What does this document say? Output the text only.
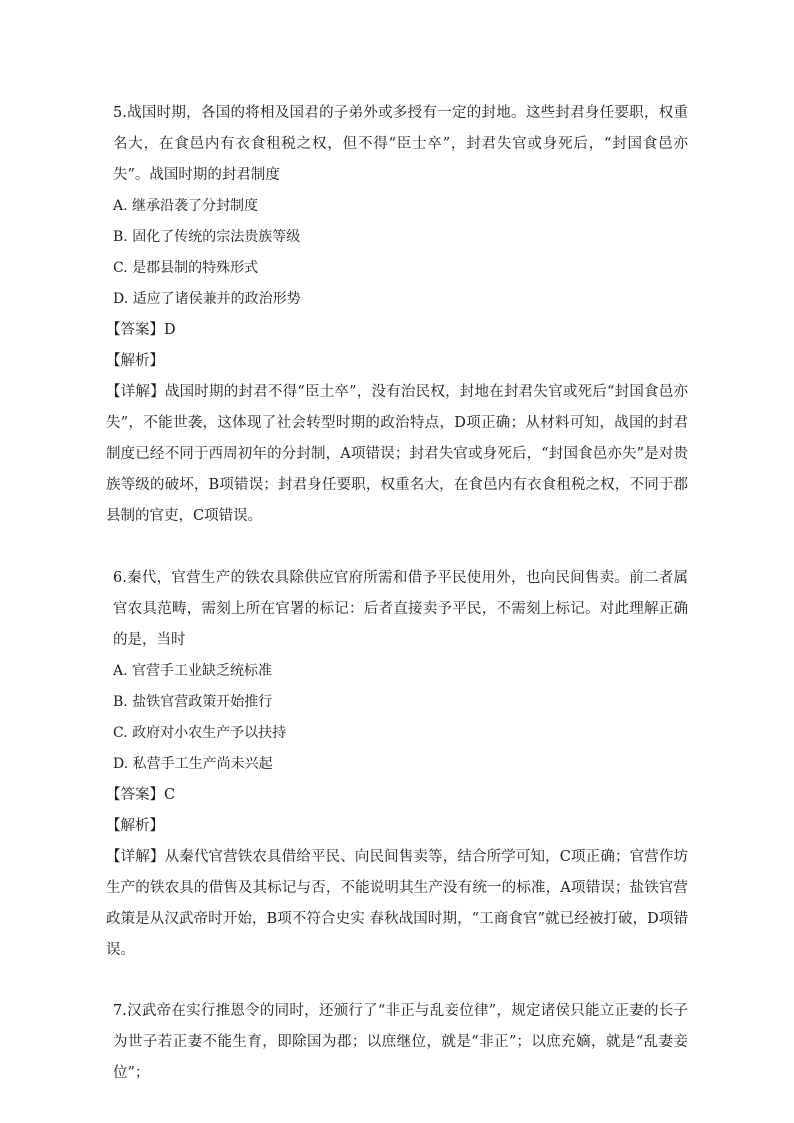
5.战国时期，各国的将相及国君的子弟外或多授有一定的封地。这些封君身任要职，权重名大，在食邑内有衣食租税之权，但不得“臣士卒”，封君失官或身死后，“封国食邑亦失”。战国时期的封君制度
A. 继承沿袭了分封制度
B. 固化了传统的宗法贵族等级
C. 是郡县制的特殊形式
D. 适应了诸侯兼并的政治形势
【答案】D
【解析】
【详解】战国时期的封君不得“臣土卒”，没有治民权，封地在封君失官或死后“封国食邑亦失”，不能世袭，这体现了社会转型时期的政治特点，D项正确；从材料可知，战国的封君制度已经不同于西周初年的分封制，A项错误；封君失官或身死后，“封国食邑亦失”是对贵族等级的破坏，B项错误；封君身任要职，权重名大，在食邑内有衣食租税之权，不同于郡县制的官吏，C项错误。
6.秦代，官营生产的铁农具除供应官府所需和借予平民使用外，也向民间售卖。前二者属官农具范畴，需刻上所在官署的标记：后者直接卖予平民，不需刻上标记。对此理解正确的是，当时
A. 官营手工业缺乏统标准
B. 盐铁官营政策开始推行
C. 政府对小农生产予以扶持
D. 私营手工生产尚未兴起
【答案】C
【解析】
【详解】从秦代官营铁农具借给平民、向民间售卖等，结合所学可知，C项正确；官营作坊生产的铁农具的借售及其标记与否，不能说明其生产没有统一的标准，A项错误；盐铁官营政策是从汉武帝时开始，B项不符合史实 春秋战国时期，“工商食官”就已经被打破，D项错误。
7.汉武帝在实行推恩令的同时，还颁行了“非正与乱妾位律”，规定诸侯只能立正妻的长子为世子若正妻不能生育，即除国为郡；以庶继位，就是“非正”；以庶充嫡，就是“乱妻妾位”；
